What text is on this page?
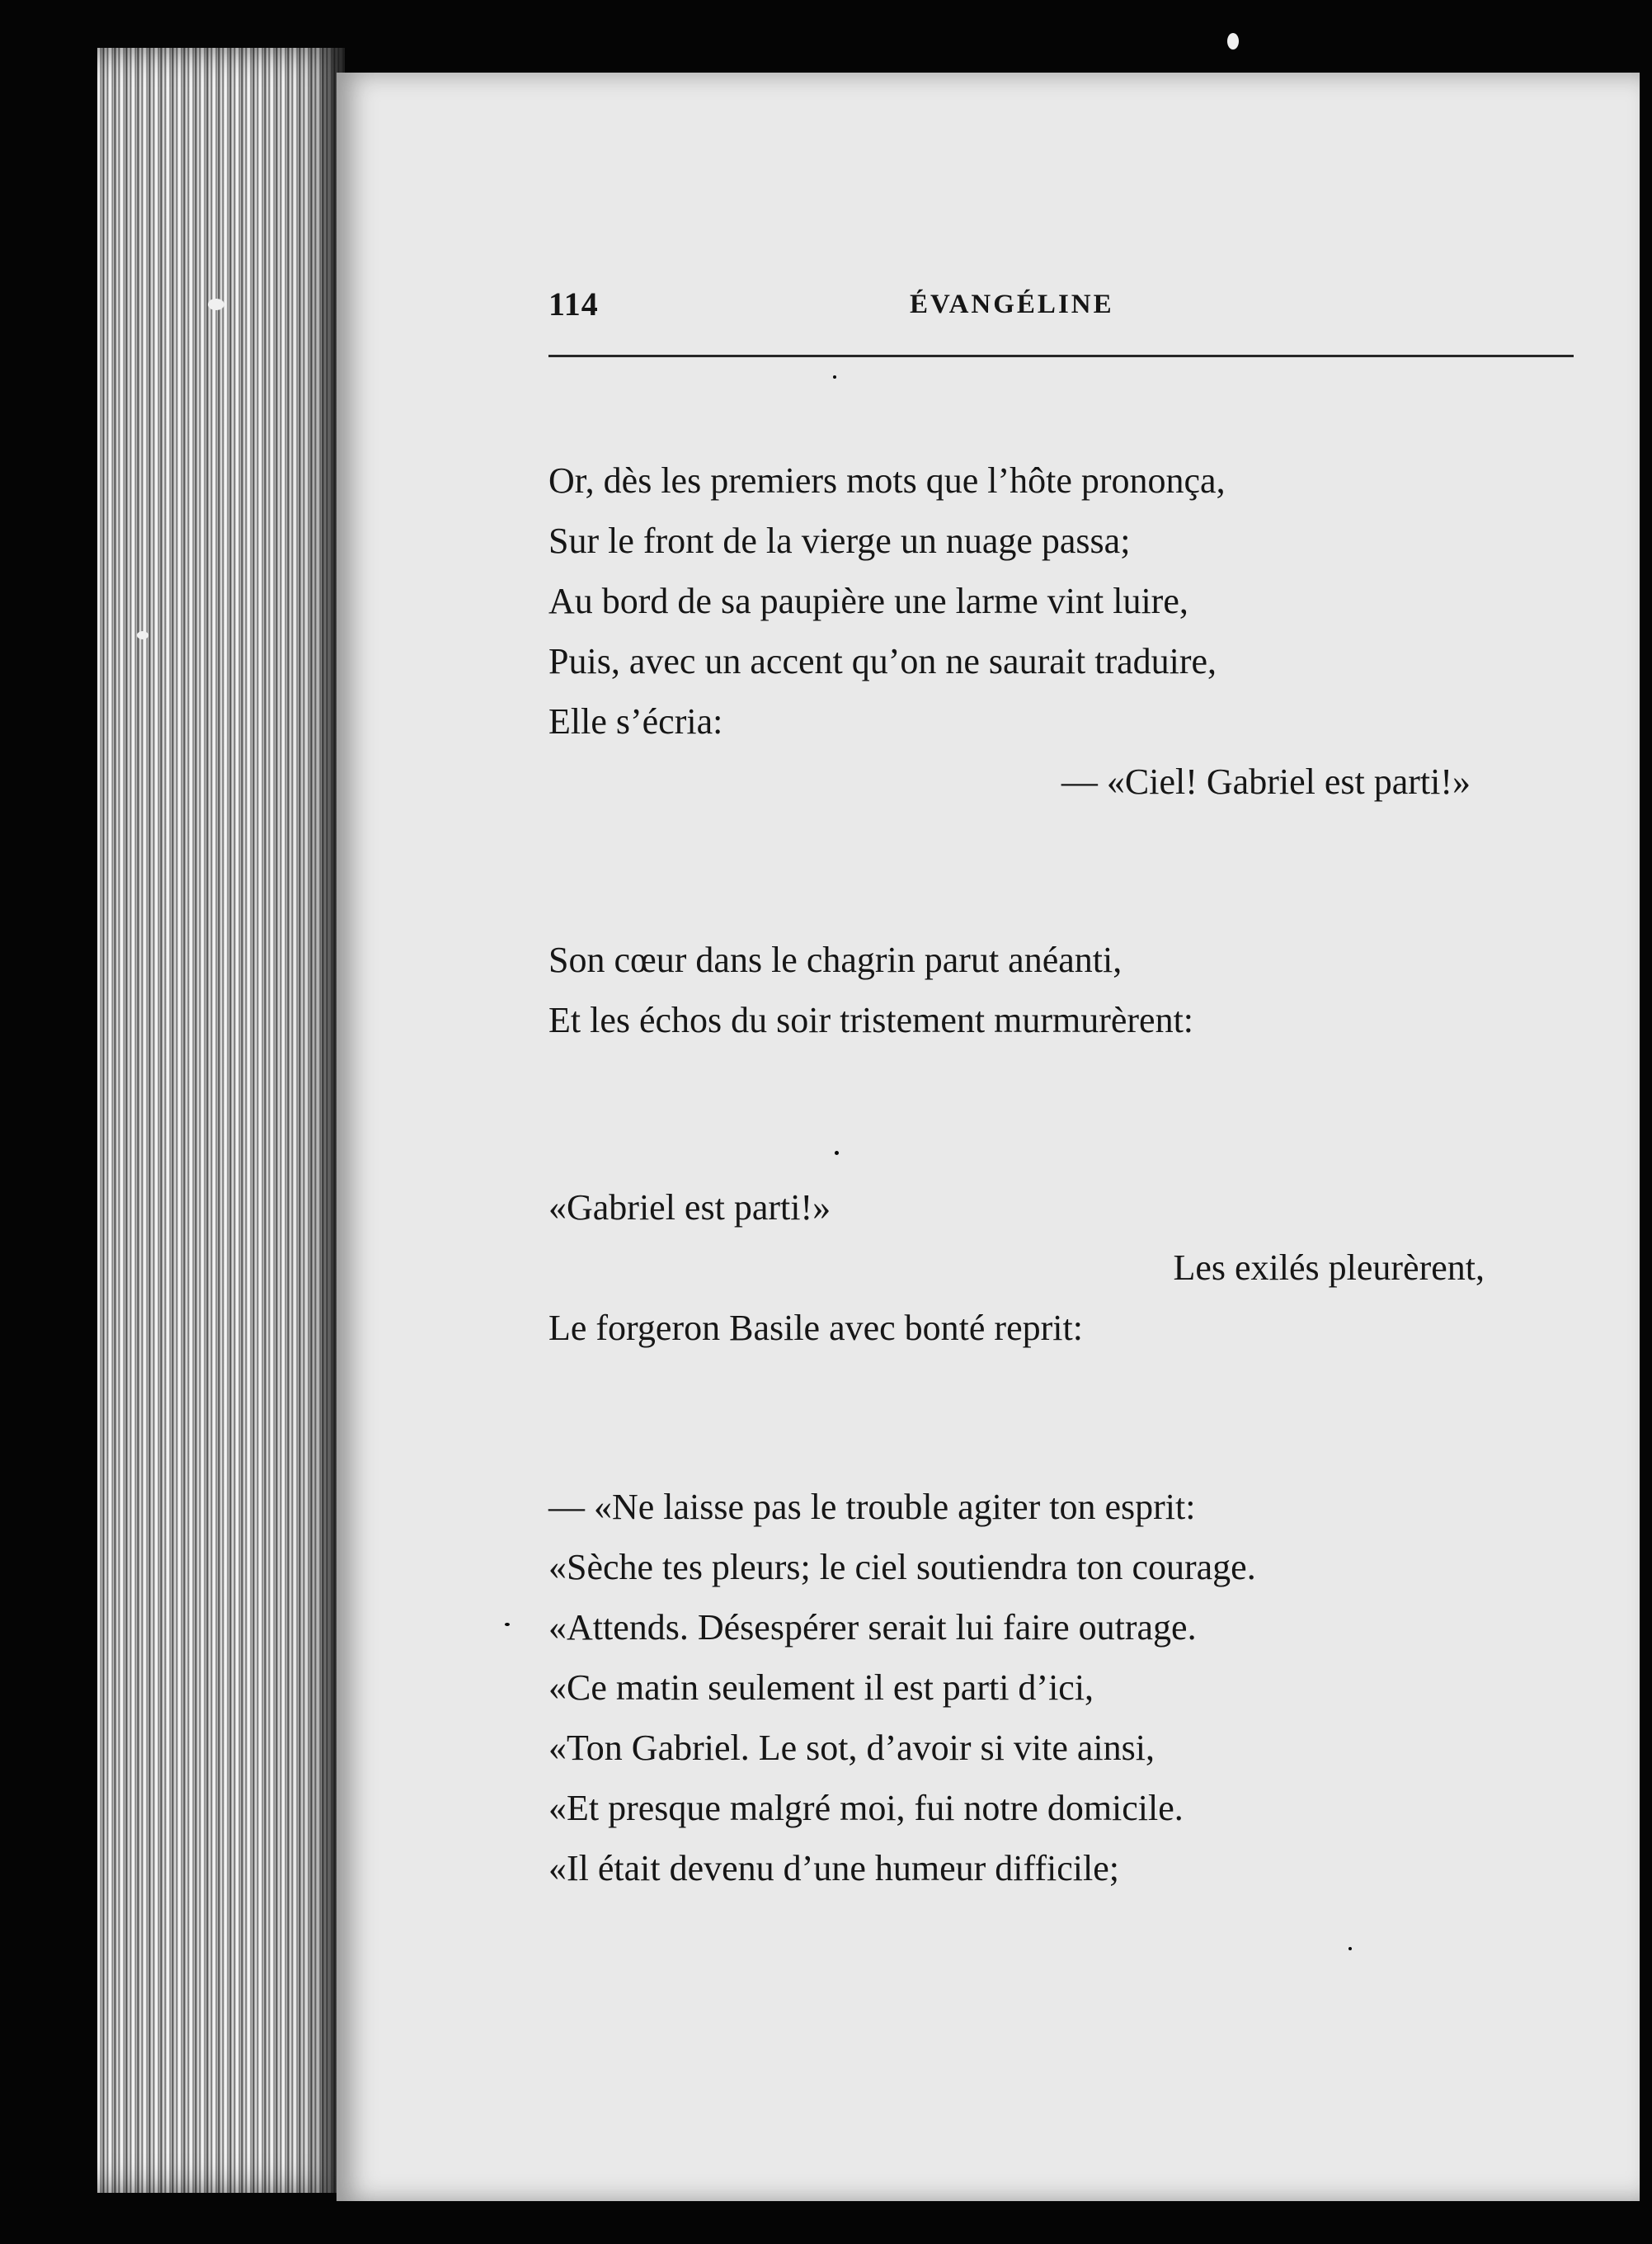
114	ÉVANGÉLINE
Or, dès les premiers mots que l’hôte prononça,
Sur le front de la vierge un nuage passa;
Au bord de sa paupière une larme vint luire,
Puis, avec un accent qu’on ne saurait traduire,
Elle s’écria:
— «Ciel! Gabriel est parti!»
Son cœur dans le chagrin parut anéanti,
Et les échos du soir tristement murmurèrent:
«Gabriel est parti!»
Les exilés pleurèrent,
Le forgeron Basile avec bonté reprit:
— «Ne laisse pas le trouble agiter ton esprit:
«Sèche tes pleurs; le ciel soutiendra ton courage.
«Attends. Désespérer serait lui faire outrage.
«Ce matin seulement il est parti d’ici,
«Ton Gabriel. Le sot, d’avoir si vite ainsi,
«Et presque malgré moi, fui notre domicile.
«Il était devenu d’une humeur difficile;
